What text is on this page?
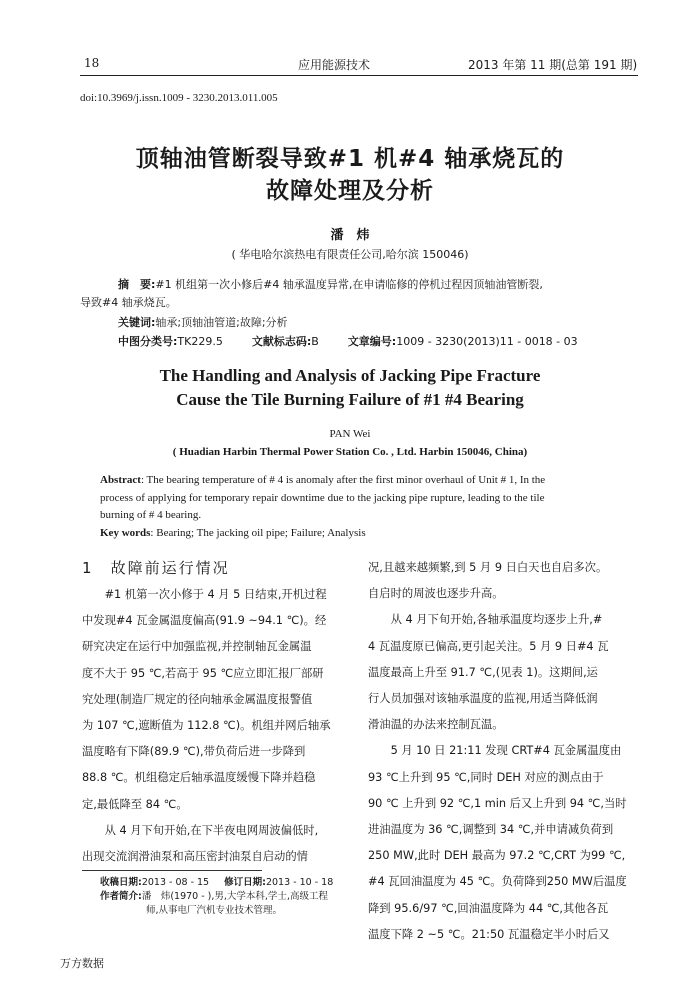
18	应用能源技术	2013 年第 11 期(总第 191 期)
doi:10.3969/j.issn.1009 - 3230.2013.011.005
顶轴油管断裂导致#1 机#4 轴承烧瓦的
故障处理及分析
潘　炜
( 华电哈尔滨热电有限责任公司,哈尔滨 150046)
摘　要:#1 机组第一次小修后#4 轴承温度异常,在申请临修的停机过程因顶轴油管断裂,
导致#4 轴承烧瓦。
关键词:轴承;顶轴油管道;故障;分析
中图分类号:TK229.5	文献标志码:B	文章编号:1009 - 3230(2013)11 - 0018 - 03
The Handling and Analysis of Jacking Pipe Fracture
Cause the Tile Burning Failure of #1 #4 Bearing
PAN Wei
( Huadian Harbin Thermal Power Station Co. , Ltd. Harbin 150046, China)
Abstract: The bearing temperature of # 4 is anomaly after the first minor overhaul of Unit # 1, In the
process of applying for temporary repair downtime due to the jacking pipe rupture, leading to the tile
burning of # 4 bearing.
Key words: Bearing; The jacking oil pipe; Failure; Analysis
1 故障前运行情况
#1 机第一次小修于 4 月 5 日结束,开机过程
中发现#4 瓦金属温度偏高(91.9 ~94.1 ℃)。经
研究决定在运行中加强监视,并控制轴瓦金属温
度不大于 95 ℃,若高于 95 ℃应立即汇报厂部研
究处理(制造厂规定的径向轴承金属温度报警值
为 107 ℃,遮断值为 112.8 ℃)。机组并网后轴承
温度略有下降(89.9 ℃),带负荷后进一步降到
88.8 ℃。机组稳定后轴承温度缓慢下降并趋稳
定,最低降至 84 ℃。
从 4 月下旬开始,在下半夜电网周波偏低时,
出现交流润滑油泵和高压密封油泵自启动的情
收稿日期:2013 - 08 - 15 修订日期:2013 - 10 - 18
作者简介:潘　炜(1970 - ),男,大学本科,学士,高级工程
师,从事电厂汽机专业技术管理。
况,且越来越频繁,到 5 月 9 日白天也自启多次。
自启时的周波也逐步升高。
从 4 月下旬开始,各轴承温度均逐步上升,#
4 瓦温度原已偏高,更引起关注。5 月 9 日#4 瓦
温度最高上升至 91.7 ℃,(见表 1)。这期间,运
行人员加强对该轴承温度的监视,用适当降低润
滑油温的办法来控制瓦温。
5 月 10 日 21:11 发现 CRT#4 瓦金属温度由
93 ℃上升到 95 ℃,同时 DEH 对应的测点由于
90 ℃ 上升到 92 ℃,1 min 后又上升到 94 ℃,当时
进油温度为 36 ℃,调整到 34 ℃,并申请减负荷到
250 MW,此时 DEH 最高为 97.2 ℃,CRT 为99 ℃,
#4 瓦回油温度为 45 ℃。负荷降到250 MW后温度
降到 95.6/97 ℃,回油温度降为 44 ℃,其他各瓦
温度下降 2 ~5 ℃。21:50 瓦温稳定半小时后又
万方数据
